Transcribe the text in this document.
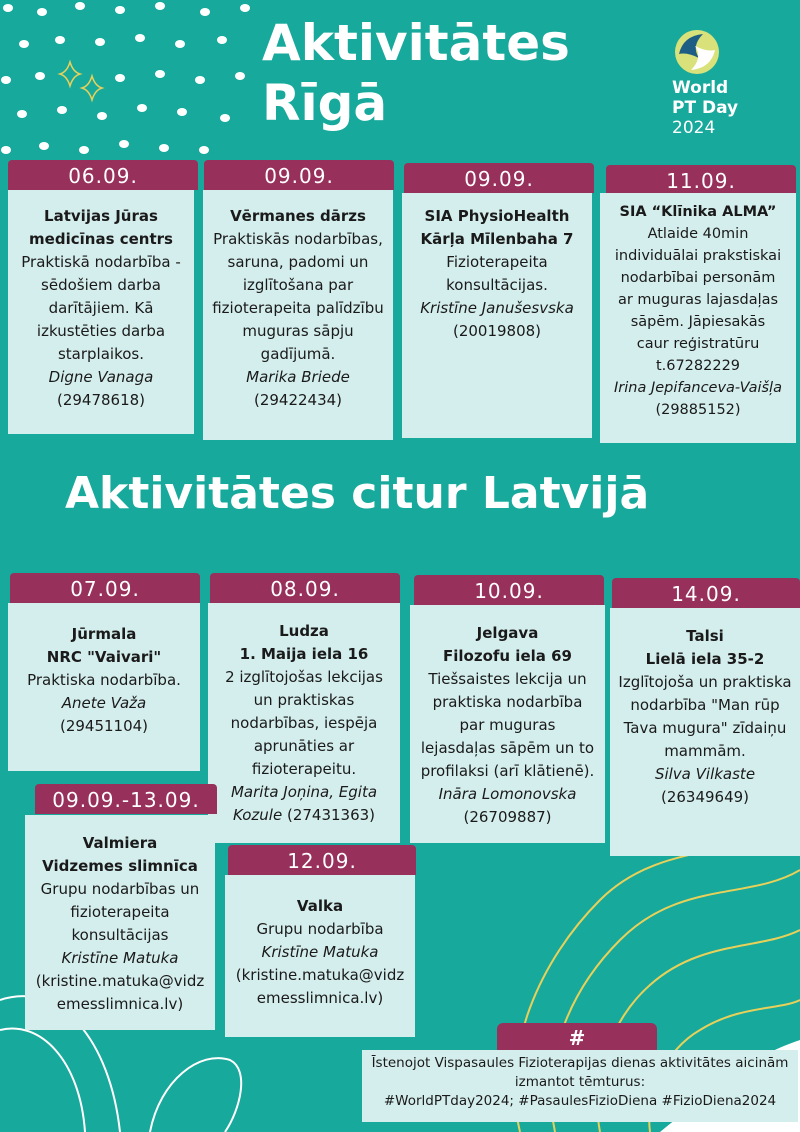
Aktivitātes
Rīgā	World
PT Day
2024
06.09.
Latvijas Jūras
medicīnas centrs
Praktiskā nodarbība -
sēdošiem darba
darītājiem. Kā
izkustēties darba
starplaikos.
Digne Vanaga
(29478618)
09.09.
Vērmanes dārzs
Praktiskās nodarbības,
saruna, padomi un
izglītošana par
fizioterapeita palīdzību
muguras sāpju
gadījumā.
Marika Briede
(29422434)
09.09.
SIA PhysioHealth
Kārļa Mīlenbaha 7
Fizioterapeita
konsultācijas.
Kristīne Janušesvska
(20019808)
11.09.
SIA “Klīnika ALMA”
Atlaide 40min
individuālai prakstiskai
nodarbībai personām
ar muguras lajasdaļas
sāpēm. Jāpiesakās
caur reģistratūru
t.67282229
Irina Jepifanceva-Vaišļa
(29885152)
Aktivitātes citur Latvijā
07.09.
Jūrmala
NRC "Vaivari"
Praktiska nodarbība.
Anete Važa
(29451104)
08.09.
Ludza
1. Maija iela 16
2 izglītojošas lekcijas
un praktiskas
nodarbības, iespēja
aprunāties ar
fizioterapeitu.
Marita Joņina, Egita
Kozule (27431363)
10.09.
Jelgava
Filozofu iela 69
Tiešsaistes lekcija un
praktiska nodarbība
par muguras
lejasdaļas sāpēm un to
profilaksi (arī klātienē).
Ināra Lomonovska
(26709887)
14.09.
Talsi
Lielā iela 35-2
Izglītojoša un praktiska
nodarbība "Man rūp
Tava mugura" zīdaiņu
mammām.
Silva Vilkaste
(26349649)
Valmiera
Vidzemes slimnīca
Grupu nodarbības un
fizioterapeita
konsultācijas
Kristīne Matuka
(kristine.matuka@vidz
emesslimnica.lv)
09.09.-13.09.
Valka
Grupu nodarbība
Kristīne Matuka
(kristine.matuka@vidz
emesslimnica.lv)
12.09.
#
Īstenojot Vispasaules Fizioterapijas dienas aktivitātes aicinām
izmantot tēmturus:
#WorldPTday2024; #PasaulesFizioDiena #FizioDiena2024
